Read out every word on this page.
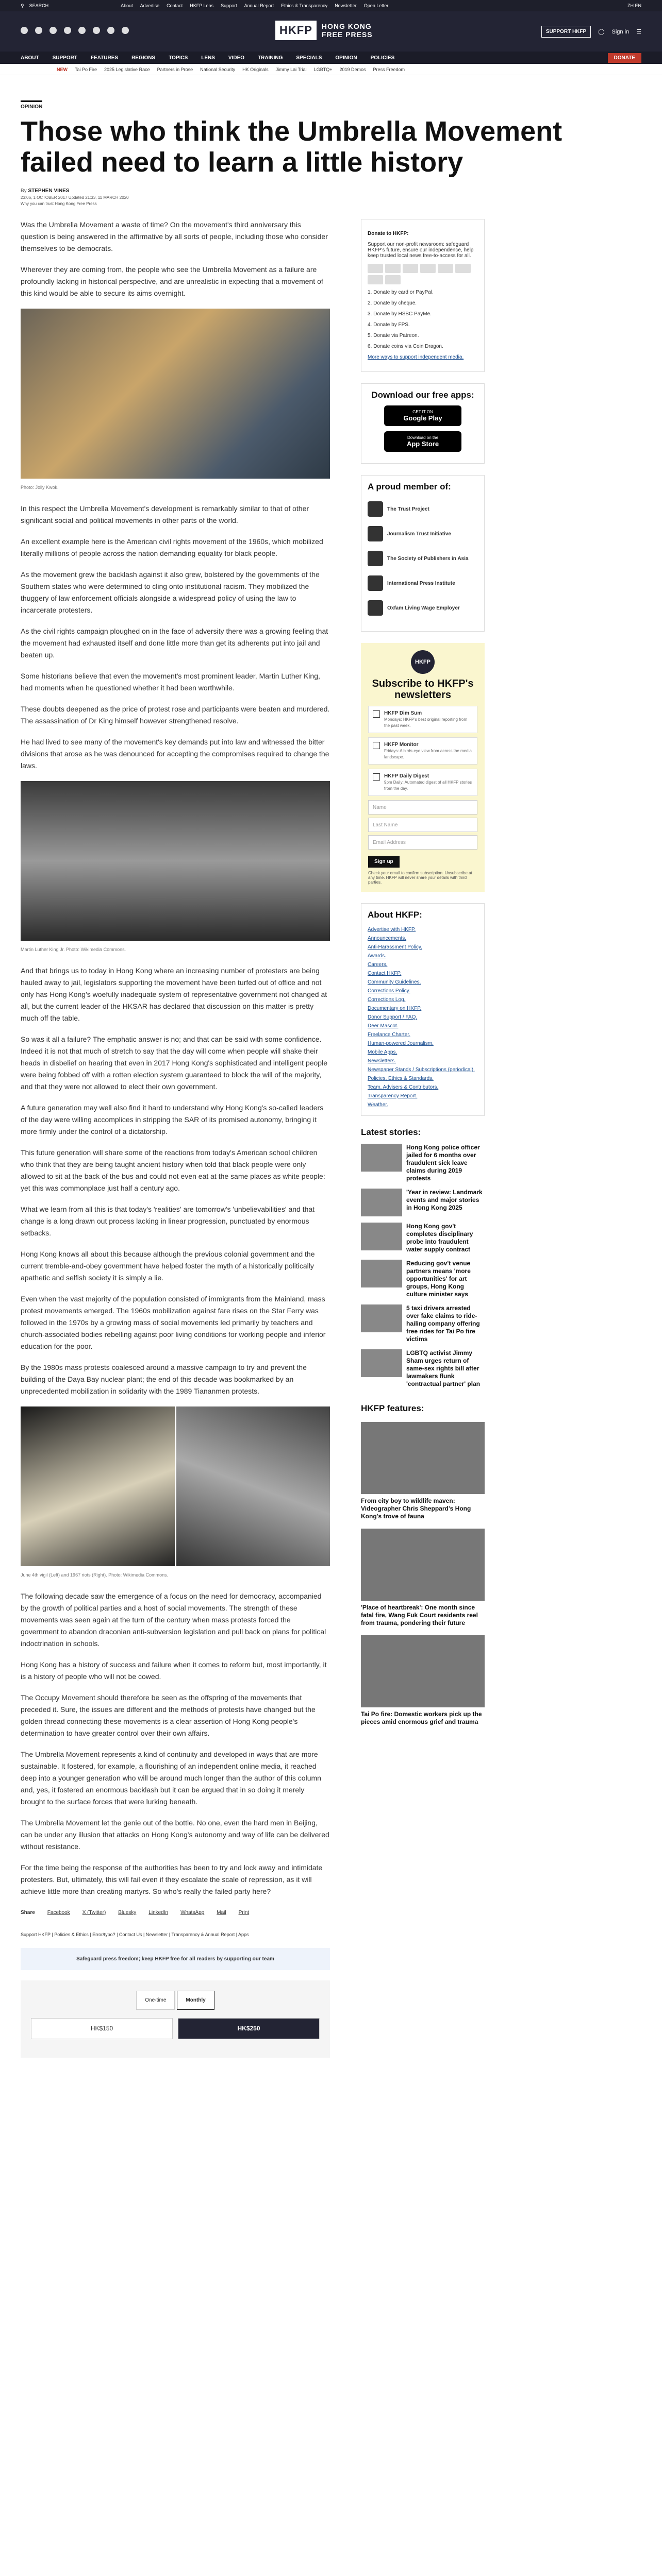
⚲ SEARCH	About Advertise Contact HKFP Lens Support Annual Report Ethics & Transparency Newsletter Open Letter	ZH EN
HKFP	HONG KONG
FREE PRESS	SUPPORT HKFP	◯ Sign in ☰
ABOUT	SUPPORT	FEATURES	REGIONS	TOPICS	LENS	VIDEO	TRAINING	SPECIALS	OPINION	POLICIES	DONATE
NEW Tai Po Fire 2025 Legislative Race Partners in Prose National Security HK Originals Jimmy Lai Trial LGBTQ+ 2019 Demos Press Freedom
OPINION
Those who think the Umbrella Movement failed need to learn a little history
By STEPHEN VINES
23:06, 1 OCTOBER 2017 Updated 21:33, 11 MARCH 2020
Why you can trust Hong Kong Free Press

Was the Umbrella Movement a waste of time? On the movement's third anniversary this question is being answered in the affirmative by all sorts of people, including those who consider themselves to be democrats.

Wherever they are coming from, the people who see the Umbrella Movement as a failure are profoundly lacking in historical perspective, and are unrealistic in expecting that a movement of this kind would be able to secure its aims overnight.

Photo: Jolly Kwok.

In this respect the Umbrella Movement's development is remarkably similar to that of other significant social and political movements in other parts of the world.

An excellent example here is the American civil rights movement of the 1960s, which mobilized literally millions of people across the nation demanding equality for black people.

As the movement grew the backlash against it also grew, bolstered by the governments of the Southern states who were determined to cling onto institutional racism. They mobilized the thuggery of law enforcement officials alongside a widespread policy of using the law to incarcerate protesters.

As the civil rights campaign ploughed on in the face of adversity there was a growing feeling that the movement had exhausted itself and done little more than get its adherents put into jail and beaten up.

Some historians believe that even the movement's most prominent leader, Martin Luther King, had moments when he questioned whether it had been worthwhile.

These doubts deepened as the price of protest rose and participants were beaten and murdered. The assassination of Dr King himself however strengthened resolve.

He had lived to see many of the movement's key demands put into law and witnessed the bitter divisions that arose as he was denounced for accepting the compromises required to change the laws.

Martin Luther King Jr. Photo: Wikimedia Commons.

And that brings us to today in Hong Kong where an increasing number of protesters are being hauled away to jail, legislators supporting the movement have been turfed out of office and not only has Hong Kong's woefully inadequate system of representative government not changed at all, but the current leader of the HKSAR has declared that discussion on this matter is pretty much off the table.

So was it all a failure? The emphatic answer is no; and that can be said with some confidence. Indeed it is not that much of stretch to say that the day will come when people will shake their heads in disbelief on hearing that even in 2017 Hong Kong's sophisticated and intelligent people were being fobbed off with a rotten election system guaranteed to block the will of the majority, and that they were not allowed to elect their own government.

A future generation may well also find it hard to understand why Hong Kong's so-called leaders of the day were willing accomplices in stripping the SAR of its promised autonomy, bringing it more firmly under the control of a dictatorship.

This future generation will share some of the reactions from today's American school children who think that they are being taught ancient history when told that black people were only allowed to sit at the back of the bus and could not even eat at the same places as white people: yet this was commonplace just half a century ago.

What we learn from all this is that today's 'realities' are tomorrow's 'unbelievabilities' and that change is a long drawn out process lacking in linear progression, punctuated by enormous setbacks.

Hong Kong knows all about this because although the previous colonial government and the current tremble-and-obey government have helped foster the myth of a historically politically apathetic and selfish society it is simply a lie.

Even when the vast majority of the population consisted of immigrants from the Mainland, mass protest movements emerged. The 1960s mobilization against fare rises on the Star Ferry was followed in the 1970s by a growing mass of social movements led primarily by teachers and church-associated bodies rebelling against poor living conditions for working people and inferior education for the poor.

By the 1980s mass protests coalesced around a massive campaign to try and prevent the building of the Daya Bay nuclear plant; the end of this decade was bookmarked by an unprecedented mobilization in solidarity with the 1989 Tiananmen protests.

June 4th vigil (Left) and 1967 riots (Right). Photo: Wikimedia Commons.

The following decade saw the emergence of a focus on the need for democracy, accompanied by the growth of political parties and a host of social movements. The strength of these movements was seen again at the turn of the century when mass protests forced the government to abandon draconian anti-subversion legislation and pull back on plans for political indoctrination in schools.

Hong Kong has a history of success and failure when it comes to reform but, most importantly, it is a history of people who will not be cowed.

The Occupy Movement should therefore be seen as the offspring of the movements that preceded it. Sure, the issues are different and the methods of protests have changed but the golden thread connecting these movements is a clear assertion of Hong Kong people's determination to have greater control over their own affairs.

The Umbrella Movement represents a kind of continuity and developed in ways that are more sustainable. It fostered, for example, a flourishing of an independent online media, it reached deep into a younger generation who will be around much longer than the author of this column and, yes, it fostered an enormous backlash but it can be argued that in so doing it merely brought to the surface forces that were lurking beneath.

The Umbrella Movement let the genie out of the bottle. No one, even the hard men in Beijing, can be under any illusion that attacks on Hong Kong's autonomy and way of life can be delivered without resistance.

For the time being the response of the authorities has been to try and lock away and intimidate protesters. But, ultimately, this will fail even if they escalate the scale of repression, as it will achieve little more than creating martyrs. So who's really the failed party here?

Share Facebook X (Twitter) Bluesky LinkedIn WhatsApp Mail Print
Support HKFP | Policies & Ethics | Error/typo? | Contact Us | Newsletter | Transparency & Annual Report | Apps
Safeguard press freedom; keep HKFP free for all readers by supporting our team
One-time	Monthly
HK$150	HK$250
Donate to HKFP:
Support our non-profit newsroom: safeguard HKFP's future, ensure our independence, help keep trusted local news free-to-access for all.
1. Donate by card or PayPal.
2. Donate by cheque.
3. Donate by HSBC PayMe.
4. Donate by FPS.
5. Donate via Patreon.
6. Donate coins via Coin Dragon.
More ways to support independent media.
Download our free apps:
GET IT ON
Google Play
Download on the
App Store
A proud member of:
The Trust Project
Journalism Trust Initiative
The Society of Publishers in Asia
International Press Institute
Oxfam Living Wage Employer
HKFP
Subscribe to HKFP's newsletters
HKFP Dim Sum
Mondays: HKFP's best original reporting from the past week.
HKFP Monitor
Fridays: A birds-eye view from across the media landscape.
HKFP Daily Digest
9pm Daily: Automated digest of all HKFP stories from the day.
Name
Last Name
Email Address
Sign up
Check your email to confirm subscription. Unsubscribe at any time. HKFP will never share your details with third parties.
About HKFP:
Advertise with HKFP.
Announcements.
Anti-Harassment Policy.
Awards.
Careers.
Contact HKFP.
Community Guidelines.
Corrections Policy.
Corrections Log.
Documentary on HKFP.
Donor Support / FAQ.
Deer Mascot.
Freelance Charter.
Human-powered Journalism.
Mobile Apps.
Newsletters.
Newspaper Stands / Subscriptions (periodical).
Policies, Ethics & Standards.
Team, Advisers & Contributors.
Transparency Report.
Weather.
Latest stories:
Hong Kong police officer jailed for 6 months over fraudulent sick leave claims during 2019 protests
'Year in review: Landmark events and major stories in Hong Kong 2025
Hong Kong gov't completes disciplinary probe into fraudulent water supply contract
Reducing gov't venue partners means 'more opportunities' for art groups, Hong Kong culture minister says
5 taxi drivers arrested over fake claims to ride-hailing company offering free rides for Tai Po fire victims
LGBTQ activist Jimmy Sham urges return of same-sex rights bill after lawmakers flunk 'contractual partner' plan
HKFP features:
From city boy to wildlife maven: Videographer Chris Sheppard's Hong Kong's trove of fauna
'Place of heartbreak': One month since fatal fire, Wang Fuk Court residents reel from trauma, pondering their future
Tai Po fire: Domestic workers pick up the pieces amid enormous grief and trauma
